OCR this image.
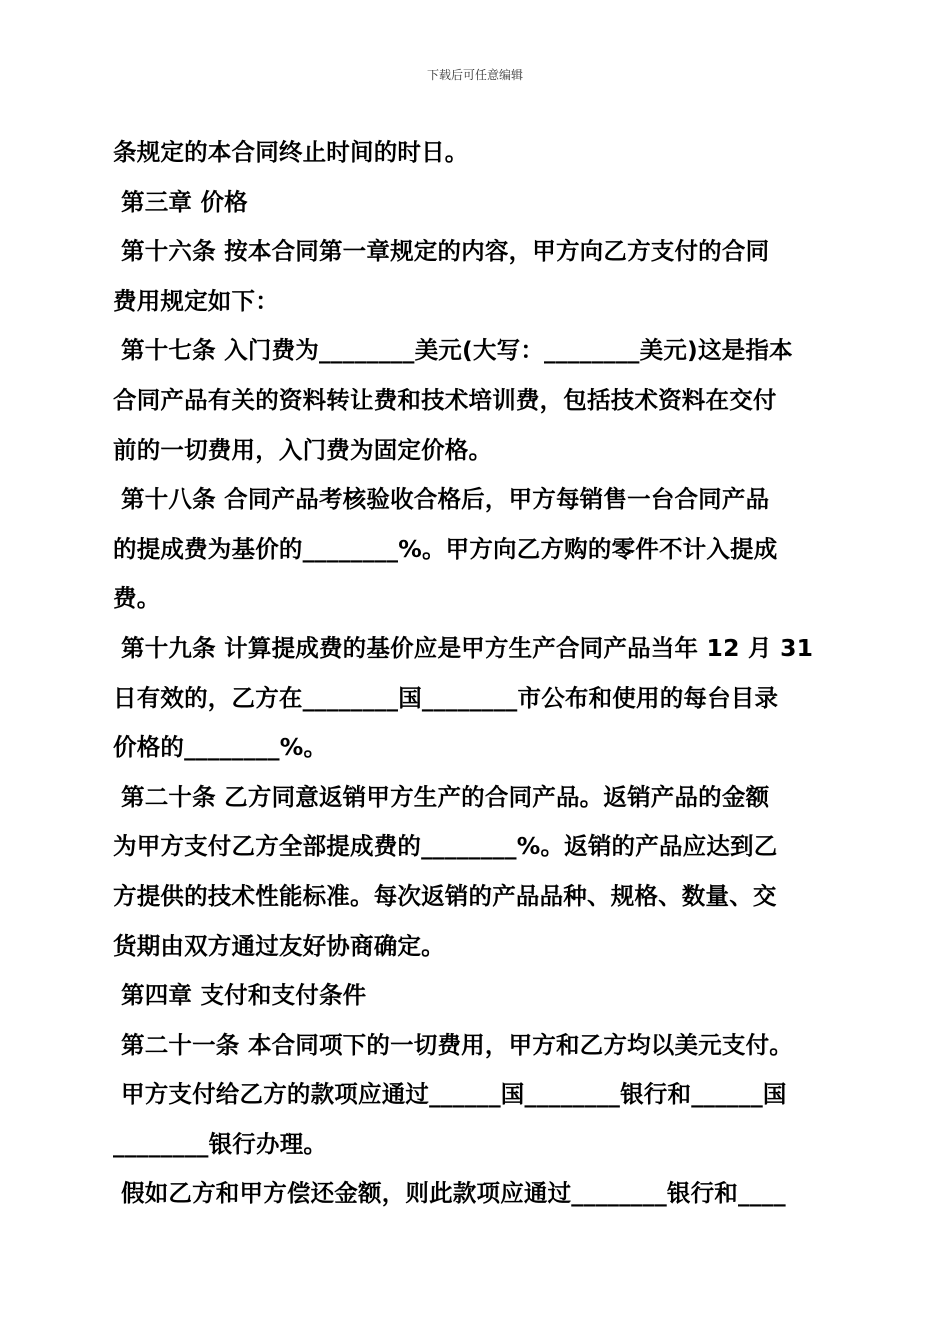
下载后可任意编辑
条规定的本合同终止时间的时日。
第三章 价格
第十六条 按本合同第一章规定的内容，甲方向乙方支付的合同
费用规定如下：
第十七条 入门费为________美元(大写：________美元)这是指本
合同产品有关的资料转让费和技术培训费，包括技术资料在交付
前的一切费用，入门费为固定价格。
第十八条 合同产品考核验收合格后，甲方每销售一台合同产品
的提成费为基价的________%。甲方向乙方购的零件不计入提成
费。
第十九条 计算提成费的基价应是甲方生产合同产品当年 12 月 31
日有效的，乙方在________国________市公布和使用的每台目录
价格的________%。
第二十条 乙方同意返销甲方生产的合同产品。返销产品的金额
为甲方支付乙方全部提成费的________%。返销的产品应达到乙
方提供的技术性能标准。每次返销的产品品种、规格、数量、交
货期由双方通过友好协商确定。
第四章 支付和支付条件
第二十一条 本合同项下的一切费用，甲方和乙方均以美元支付。
甲方支付给乙方的款项应通过______国________银行和______国
________银行办理。
假如乙方和甲方偿还金额，则此款项应通过________银行和____
